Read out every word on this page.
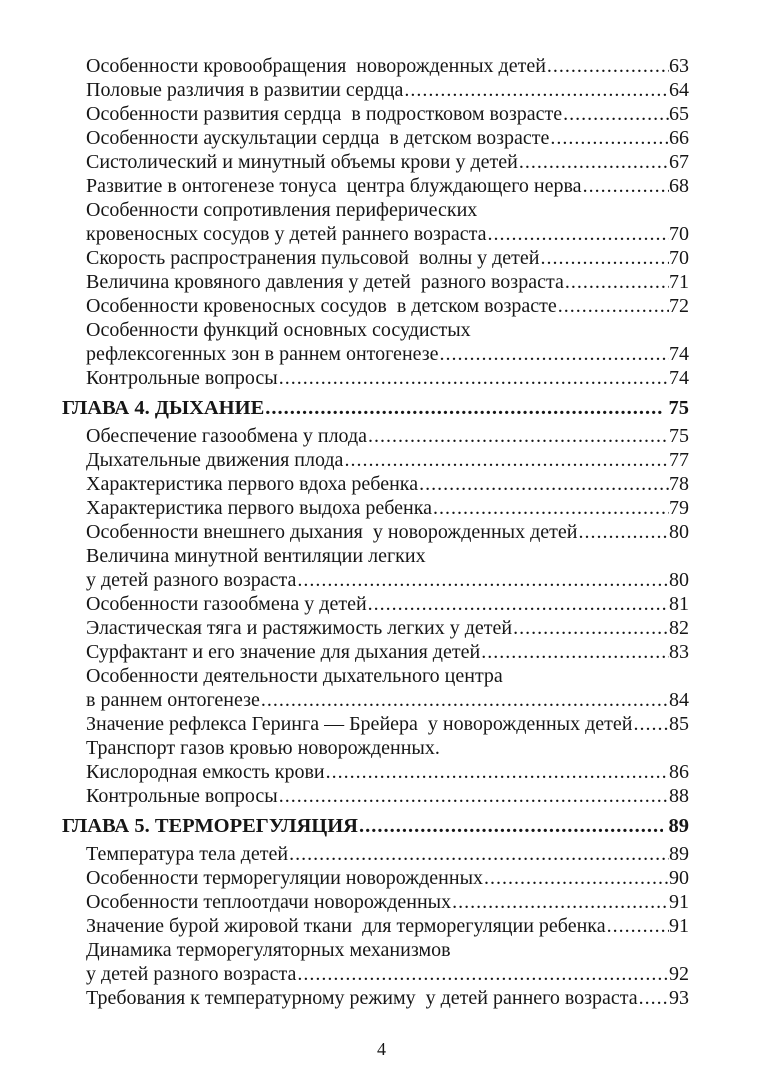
Особенности кровообращения  новорожденных детей .....	63
Половые различия в развитии сердца .....	64
Особенности развития сердца  в подростковом возрасте .....	65
Особенности аускультации сердца  в детском возрасте .....	66
Систолический и минутный объемы крови у детей .....	67
Развитие в онтогенезе тонуса  центра блуждающего нерва .....	68
Особенности сопротивления периферических
кровеносных сосудов у детей раннего возраста .....	70
Скорость распространения пульсовой  волны у детей .....	70
Величина кровяного давления у детей  разного возраста .....	71
Особенности кровеносных сосудов  в детском возрасте .....	72
Особенности функций основных сосудистых
рефлексогенных зон в раннем онтогенезе .....	74
Контрольные вопросы .....	74
ГЛАВА 4. ДЫХАНИЕ .....	75
Обеспечение газообмена у плода .....	75
Дыхательные движения плода .....	77
Характеристика первого вдоха ребенка .....	78
Характеристика первого выдоха ребенка .....	79
Особенности внешнего дыхания  у новорожденных детей .....	80
Величина минутной вентиляции легких
у детей разного возраста .....	80
Особенности газообмена у детей .....	81
Эластическая тяга и растяжимость легких у детей .....	82
Сурфактант и его значение для дыхания детей .....	83
Особенности деятельности дыхательного центра
в раннем онтогенезе .....	84
Значение рефлекса Геринга — Брейера  у новорожденных детей ..... 85
Транспорт газов кровью новорожденных.
Кислородная емкость крови .....	86
Контрольные вопросы .....	88
ГЛАВА 5. ТЕРМОРЕГУЛЯЦИЯ .....	89
Температура тела детей .....	89
Особенности терморегуляции новорожденных .....	90
Особенности теплоотдачи новорожденных .....	91
Значение бурой жировой ткани  для терморегуляции ребенка .....	91
Динамика терморегуляторных механизмов
у детей разного возраста .....	92
Требования к температурному режиму  у детей раннего возраста ..... 93
4
